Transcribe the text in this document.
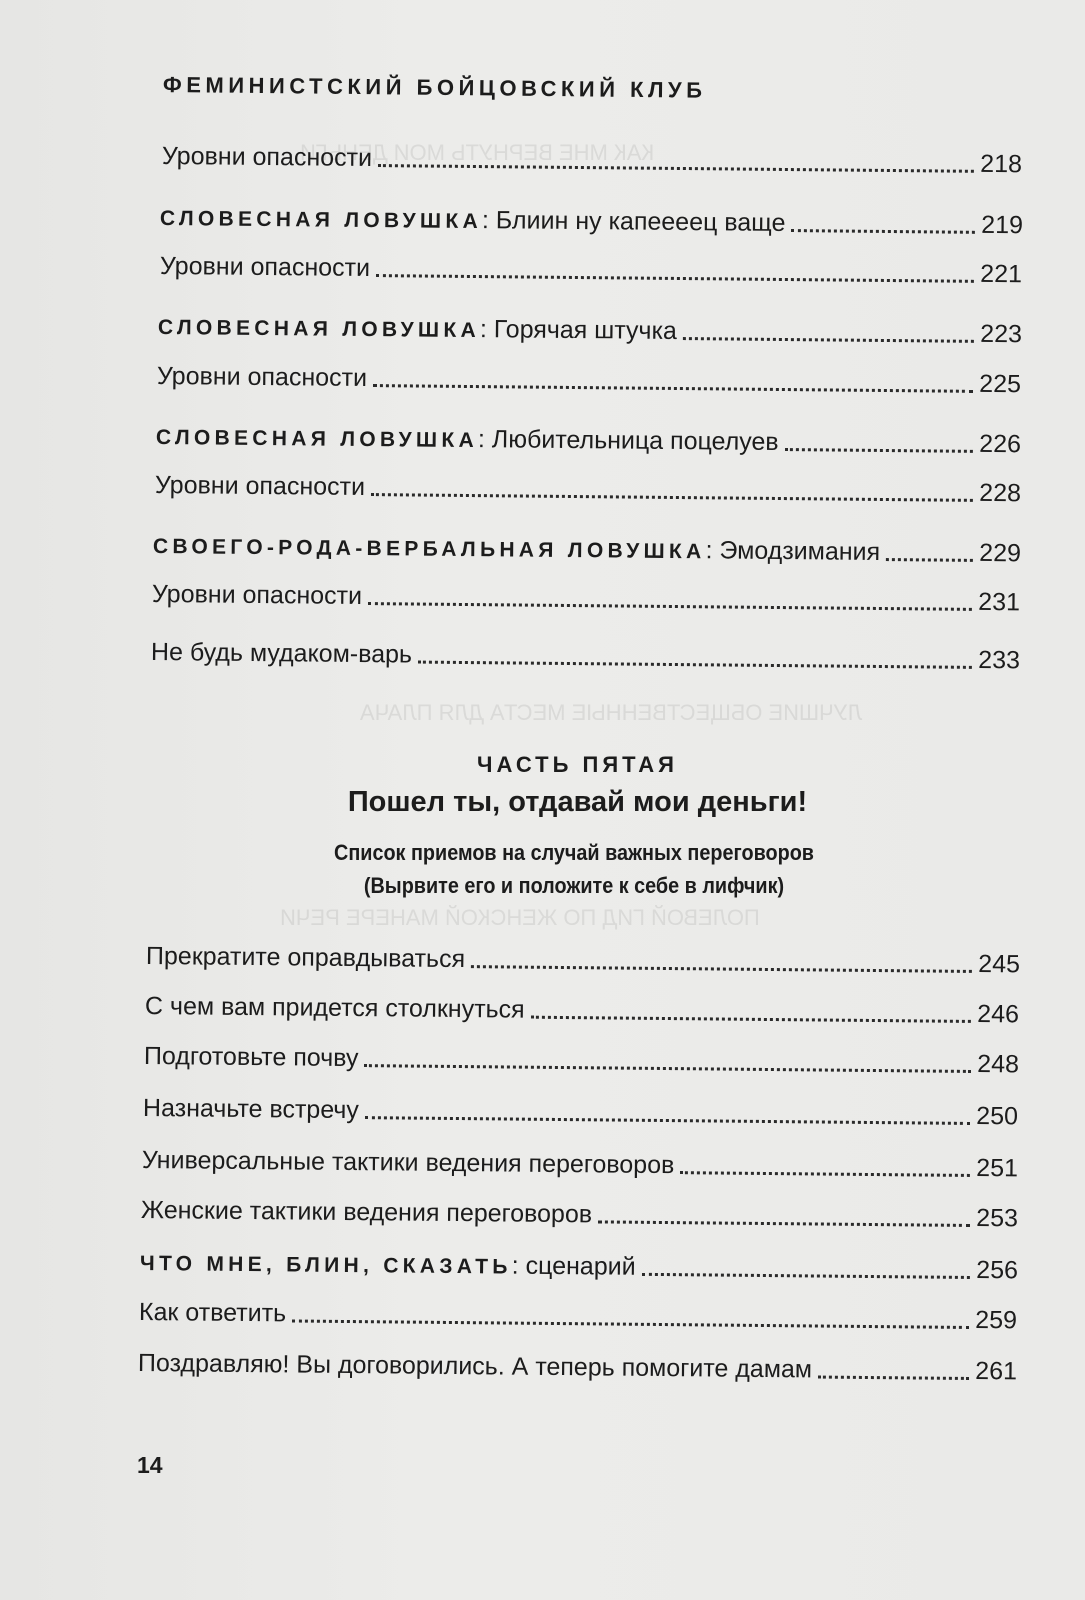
КАК МНЕ ВЕРНУТЬ МОИ ДЕНЬГИ
ЛУЧШИЕ ОБЩЕСТВЕННЫЕ МЕСТА ДЛЯ ПЛАЧА
ПОЛЕВОЙ ГИД ПО ЖЕНСКОЙ МАНЕРЕ РЕЧИ
ФЕМИНИСТСКИЙ БОЙЦОВСКИЙ КЛУБ
Уровни опасности	218
СЛОВЕСНАЯ ЛОВУШКА : Блиин ну капеееец ваще	219
Уровни опасности	221
СЛОВЕСНАЯ ЛОВУШКА : Горячая штучка	223
Уровни опасности	225
СЛОВЕСНАЯ ЛОВУШКА : Любительница поцелуев	226
Уровни опасности	228
СВОЕГО-РОДА-ВЕРБАЛЬНАЯ ЛОВУШКА : Эмодзимания	229
Уровни опасности	231
Не будь мудаком-варь	233
ЧАСТЬ ПЯТАЯ
Пошел ты, отдавай мои деньги!
Список приемов на случай важных переговоров
(Вырвите его и положите к себе в лифчик)
Прекратите оправдываться	245
С чем вам придется столкнуться	246
Подготовьте почву	248
Назначьте встречу	250
Универсальные тактики ведения переговоров	251
Женские тактики ведения переговоров	253
ЧТО МНЕ, БЛИН, СКАЗАТЬ : сценарий	256
Как ответить	259
Поздравляю! Вы договорились. А теперь помогите дамам	261
14
